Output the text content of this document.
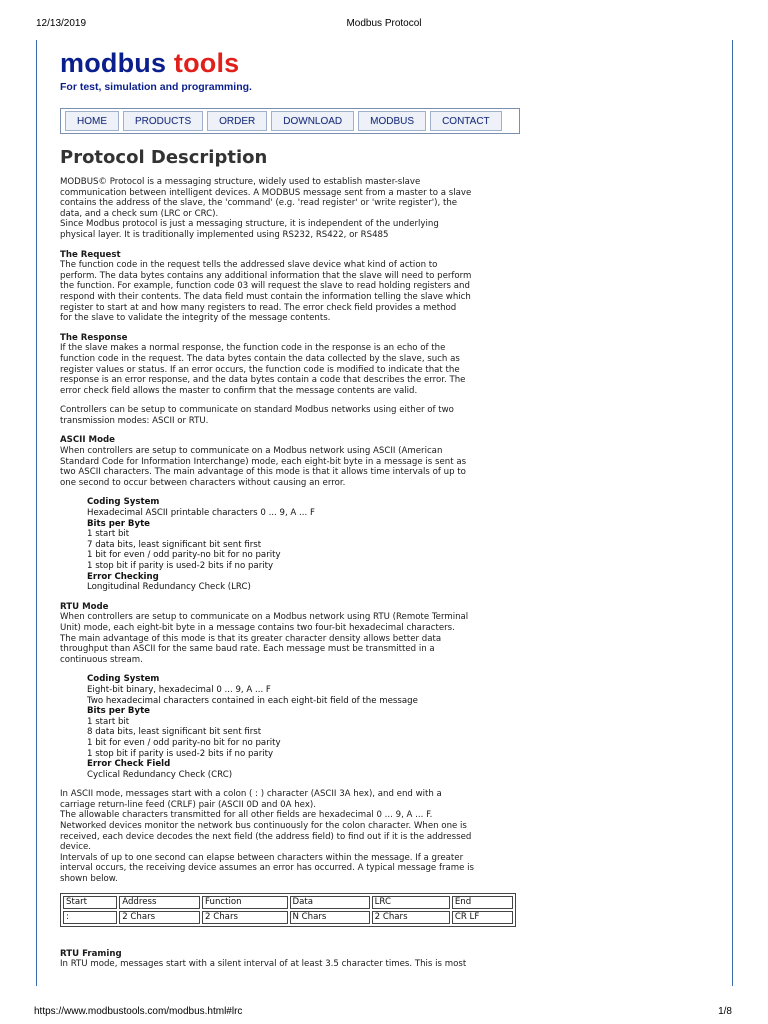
12/13/2019	Modbus Protocol
modbus tools
For test, simulation and programming.
HOME	PRODUCTS	ORDER	DOWNLOAD	MODBUS	CONTACT
Protocol Description
MODBUS© Protocol is a messaging structure, widely used to establish master-slave
communication between intelligent devices. A MODBUS message sent from a master to a slave
contains the address of the slave, the 'command' (e.g. 'read register' or 'write register'), the
data, and a check sum (LRC or CRC).
Since Modbus protocol is just a messaging structure, it is independent of the underlying
physical layer. It is traditionally implemented using RS232, RS422, or RS485
The Request
The function code in the request tells the addressed slave device what kind of action to
perform. The data bytes contains any additional information that the slave will need to perform
the function. For example, function code 03 will request the slave to read holding registers and
respond with their contents. The data field must contain the information telling the slave which
register to start at and how many registers to read. The error check field provides a method
for the slave to validate the integrity of the message contents.
The Response
If the slave makes a normal response, the function code in the response is an echo of the
function code in the request. The data bytes contain the data collected by the slave, such as
register values or status. If an error occurs, the function code is modified to indicate that the
response is an error response, and the data bytes contain a code that describes the error. The
error check field allows the master to confirm that the message contents are valid.
Controllers can be setup to communicate on standard Modbus networks using either of two
transmission modes: ASCII or RTU.
ASCII Mode
When controllers are setup to communicate on a Modbus network using ASCII (American
Standard Code for Information Interchange) mode, each eight-bit byte in a message is sent as
two ASCII characters. The main advantage of this mode is that it allows time intervals of up to
one second to occur between characters without causing an error.
Coding System
Hexadecimal ASCII printable characters 0 ... 9, A ... F
Bits per Byte
1 start bit
7 data bits, least significant bit sent first
1 bit for even / odd parity-no bit for no parity
1 stop bit if parity is used-2 bits if no parity
Error Checking
Longitudinal Redundancy Check (LRC)
RTU Mode
When controllers are setup to communicate on a Modbus network using RTU (Remote Terminal
Unit) mode, each eight-bit byte in a message contains two four-bit hexadecimal characters.
The main advantage of this mode is that its greater character density allows better data
throughput than ASCII for the same baud rate. Each message must be transmitted in a
continuous stream.
Coding System
Eight-bit binary, hexadecimal 0 ... 9, A ... F
Two hexadecimal characters contained in each eight-bit field of the message
Bits per Byte
1 start bit
8 data bits, least significant bit sent first
1 bit for even / odd parity-no bit for no parity
1 stop bit if parity is used-2 bits if no parity
Error Check Field
Cyclical Redundancy Check (CRC)
In ASCII mode, messages start with a colon ( : ) character (ASCII 3A hex), and end with a
carriage return-line feed (CRLF) pair (ASCII 0D and 0A hex).
The allowable characters transmitted for all other fields are hexadecimal 0 ... 9, A ... F.
Networked devices monitor the network bus continuously for the colon character. When one is
received, each device decodes the next field (the address field) to find out if it is the addressed
device.
Intervals of up to one second can elapse between characters within the message. If a greater
interval occurs, the receiving device assumes an error has occurred. A typical message frame is
shown below.
Start	Address	Function	Data	LRC	End
:	2 Chars	2 Chars	N Chars	2 Chars	CR LF
RTU Framing
In RTU mode, messages start with a silent interval of at least 3.5 character times. This is most
https://www.modbustools.com/modbus.html#lrc	1/8
